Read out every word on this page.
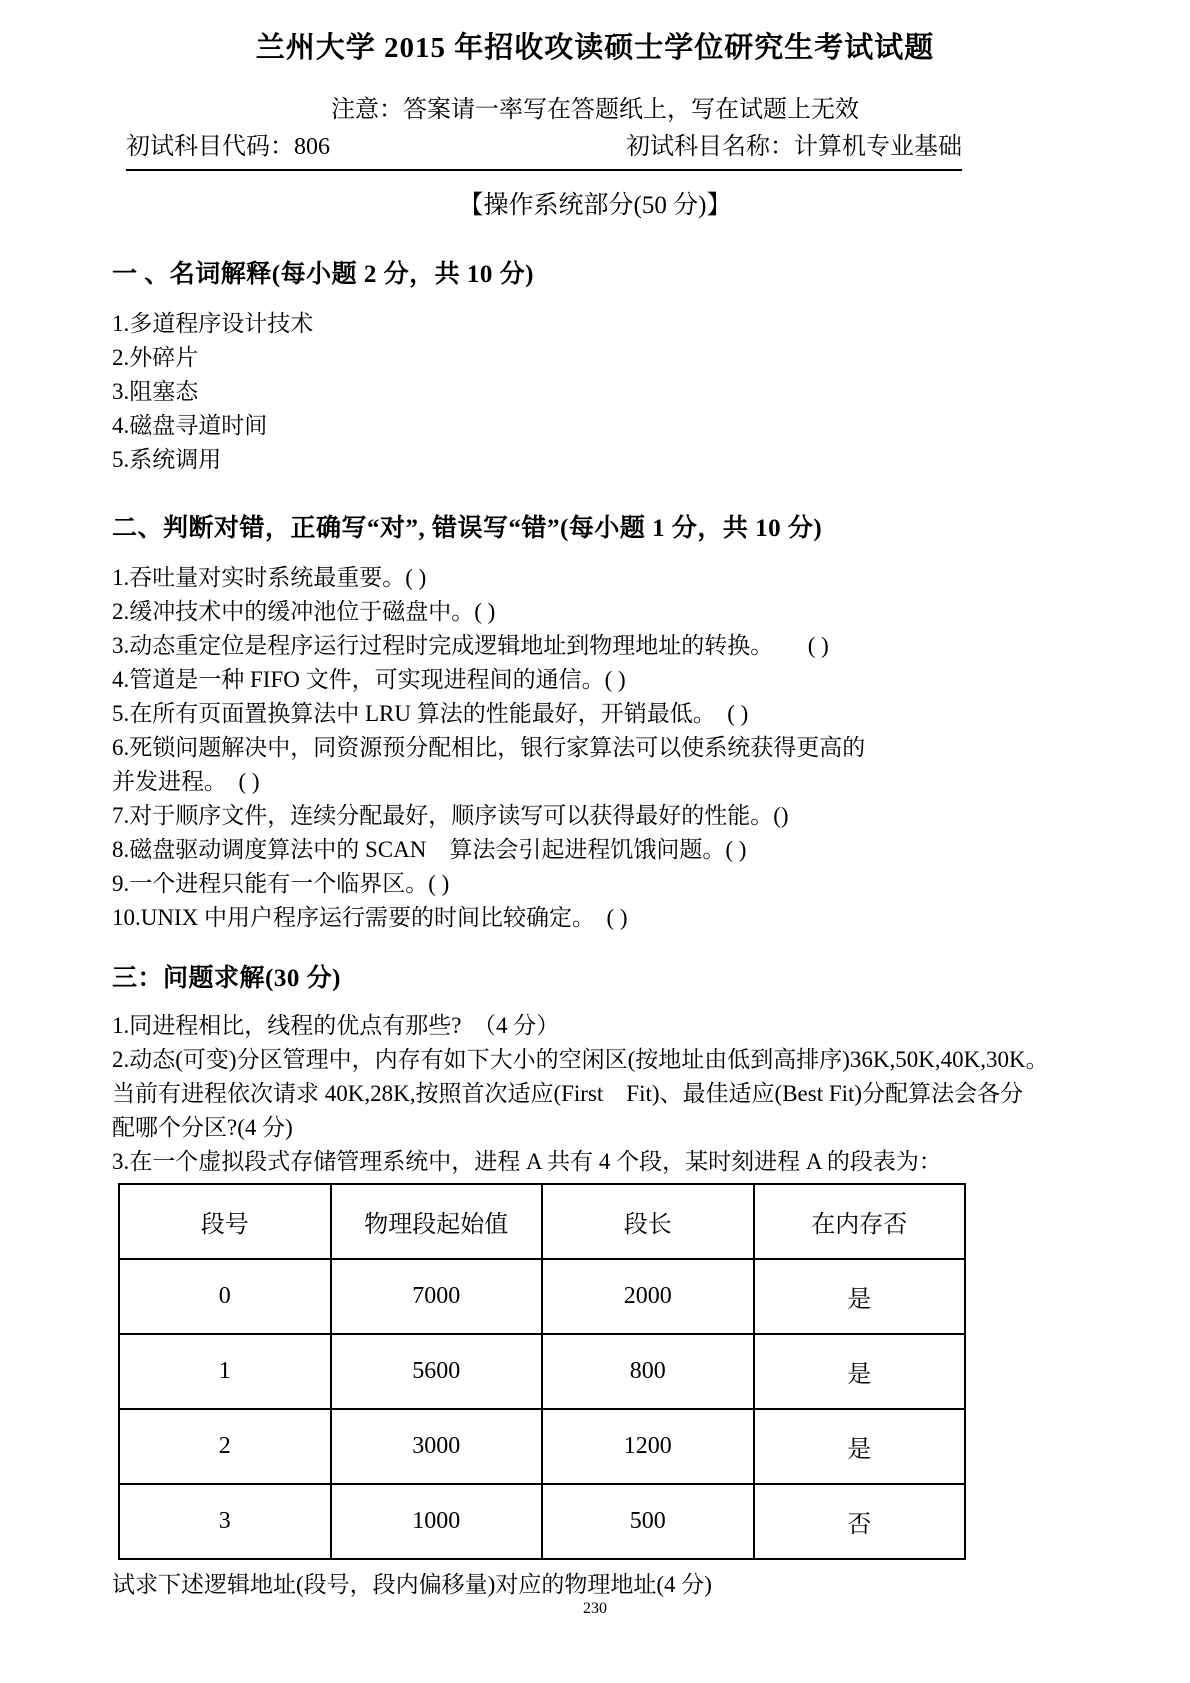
兰州大学 2015 年招收攻读硕士学位研究生考试试题
注意：答案请一率写在答题纸上，写在试题上无效
初试科目代码：806	初试科目名称：计算机专业基础
【操作系统部分(50 分)】
一 、名词解释(每小题 2 分，共 10 分)
1.多道程序设计技术
2.外碎片
3.阻塞态
4.磁盘寻道时间
5.系统调用
二、判断对错，正确写“对”, 错误写“错”(每小题 1 分，共 10 分)
1.吞吐量对实时系统最重要。( )
2.缓冲技术中的缓冲池位于磁盘中。( )
3.动态重定位是程序运行过程时完成逻辑地址到物理地址的转换。　　( )
4.管道是一种 FIFO 文件，可实现进程间的通信。( )
5.在所有页面置换算法中 LRU 算法的性能最好，开销最低。　( )
6.死锁问题解决中，同资源预分配相比，银行家算法可以使系统获得更高的
并发进程。　( )
7.对于顺序文件，连续分配最好，顺序读写可以获得最好的性能。()
8.磁盘驱动调度算法中的 SCAN　算法会引起进程饥饿问题。( )
9.一个进程只能有一个临界区。( )
10.UNIX 中用户程序运行需要的时间比较确定。　( )
三：问题求解(30 分)
1.同进程相比，线程的优点有那些?　（4 分）
2.动态(可变)分区管理中，内存有如下大小的空闲区(按地址由低到高排序)36K,50K,40K,30K。
当前有进程依次请求 40K,28K,按照首次适应(First　Fit)、最佳适应(Best Fit)分配算法会各分
配哪个分区?(4 分)
3.在一个虚拟段式存储管理系统中，进程 A 共有 4 个段，某时刻进程 A 的段表为：
段号	物理段起始值	段长	在内存否
0	7000	2000	是
1	5600	800	是
2	3000	1200	是
3	1000	500	否
试求下述逻辑地址(段号，段内偏移量)对应的物理地址(4 分)
230
